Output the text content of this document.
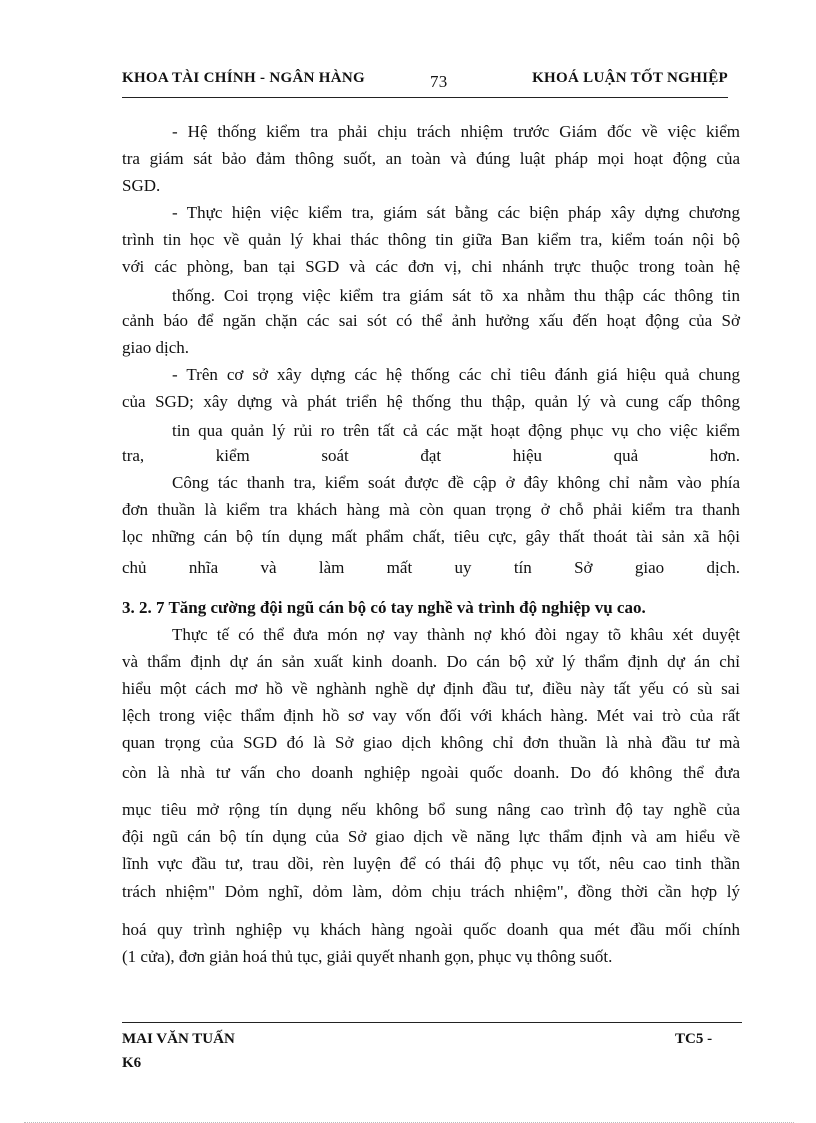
KHOA TÀI CHÍNH - NGÂN HÀNG	73	KHOÁ LUẬN TỐT NGHIỆP
- Hệ thống kiểm tra phải chịu trách nhiệm trước Giám đốc về việc kiểm
tra giám sát bảo đảm thông suốt, an toàn và đúng luật pháp mọi hoạt động của
SGD.
- Thực hiện việc kiểm tra, giám sát bằng các biện pháp xây dựng chương
trình tin học về quản lý khai thác thông tin giữa Ban kiểm tra, kiểm toán nội bộ
với các phòng, ban tại SGD và các đơn vị, chi nhánh trực thuộc trong toàn hệ
thống. Coi trọng việc kiểm tra giám sát tõ xa nhằm thu thập các thông tin
cảnh báo để ngăn chặn các sai sót có thể ảnh hưởng xấu đến hoạt động của Sở
giao dịch.
- Trên cơ sở xây dựng các hệ thống các chỉ tiêu đánh giá hiệu quả chung
của SGD; xây dựng và phát triển hệ thống thu thập, quản lý và cung cấp thông
tin qua quản lý rủi ro trên tất cả các mặt hoạt động phục vụ cho việc kiểm
tra, kiểm soát đạt hiệu quả hơn.
Công tác thanh tra, kiểm soát được đề cập ở đây không chỉ nằm vào phía
đơn thuần là kiểm tra khách hàng mà còn quan trọng ở chỗ phải kiểm tra thanh
lọc những cán bộ tín dụng mất phẩm chất, tiêu cực, gây thất thoát tài sản xã hội
chủ nhĩa và làm mất uy tín Sở giao dịch.
3. 2. 7 Tăng cường đội ngũ cán bộ có tay nghề và trình độ nghiệp vụ cao.
Thực tế có thể đưa món nợ vay thành nợ khó đòi ngay tõ khâu xét duyệt
và thẩm định dự án sản xuất kinh doanh. Do cán bộ xử lý thẩm định dự án chỉ
hiểu một cách mơ hồ về nghành nghề dự định đầu tư, điều này tất yếu có sù sai
lệch trong việc thẩm định hồ sơ vay vốn đối với khách hàng. Mét vai trò của rất
quan trọng của SGD đó là Sở giao dịch không chỉ đơn thuần là nhà đầu tư mà
còn là nhà tư vấn cho doanh nghiệp ngoài quốc doanh. Do đó không thể đưa
mục tiêu mở rộng tín dụng nếu không bổ sung nâng cao trình độ tay nghề của
đội ngũ cán bộ tín dụng của Sở giao dịch về năng lực thẩm định và am hiểu về
lĩnh vực đầu tư, trau dồi, rèn luyện để có thái độ phục vụ tốt, nêu cao tinh thần
trách nhiệm" Dỏm nghĩ, dỏm làm, dỏm chịu trách nhiệm", đồng thời cần hợp lý
hoá quy trình nghiệp vụ khách hàng ngoài quốc doanh qua mét đầu mối chính
(1 cửa), đơn giản hoá thủ tục, giải quyết nhanh gọn, phục vụ thông suốt.
MAI VĂN TUẤN
K6
TC5 -
